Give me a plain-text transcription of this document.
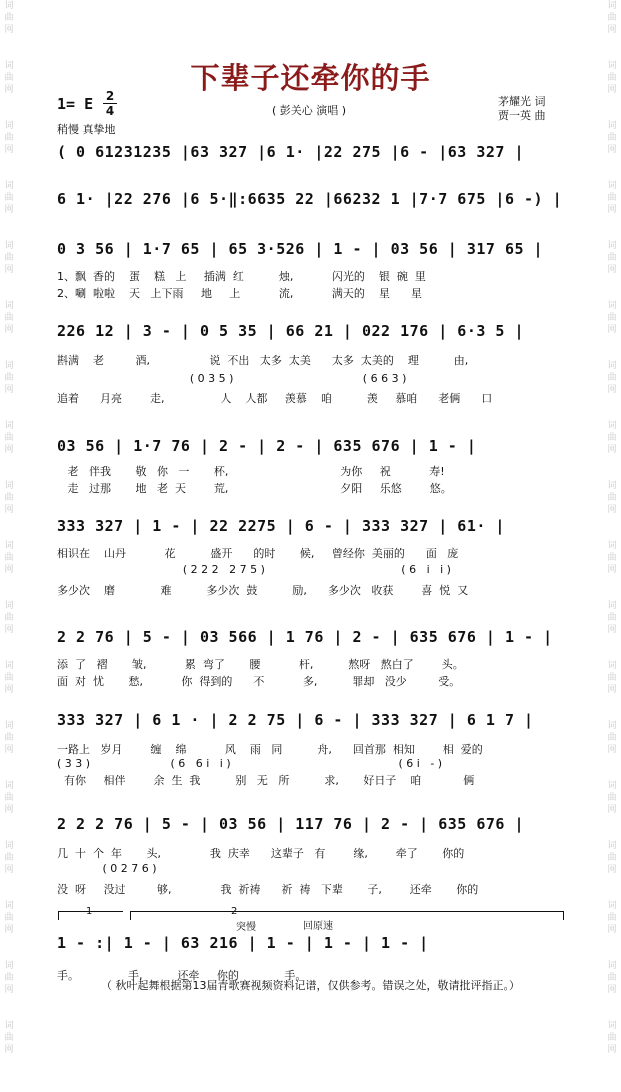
词
曲
网
词
曲
网
词
曲
网
词
曲
网
词
曲
网
词
曲
网
词
曲
网
词
曲
网
词
曲
网
词
曲
网
词
曲
网
词
曲
网
词
曲
网
词
曲
网
词
曲
网
词
曲
网
词
曲
网
词
曲
网
词
曲
网
词
曲
网
词
曲
网
词
曲
网
词
曲
网
词
曲
网
词
曲
网
词
曲
网
词
曲
网
词
曲
网
词
曲
网
词
曲
网
词
曲
网
词
曲
网
词
曲
网
词
曲
网
词
曲
网
词
曲
网
下辈子还牵你的手
1= E 2
4	( 彭关心 演唱 )
茅耀光 词
贾一英 曲
稍慢 真挚地
( 0 61231235 |63 327 |6 1· |22 275 |6 - |63 327 |
6 1· |22 276 |6 5·‖:6635 22 |66232 1 |7·7 675 |6 -) |
0 3 56 | 1·7 65 | 65 3·526 | 1 - | 03 56 | 317 65 |
226 12 | 3 - | 0 5 35 | 66 21 | 022 176 | 6·3 5 |
03 56 | 1·7 76 | 2 - | 2 - | 635 676 | 1 - |
333 327 | 1 - | 22 2275 | 6 - | 333 327 | 61· |
2 2 76 | 5 - | 03 566 | 1 76 | 2 - | 635 676 | 1 - |
333 327 | 6 1 · | 2 2 75 | 6 - | 333 327 | 6 1 7 |
2 2 2 76 | 5 - | 03 56 | 117 76 | 2 - | 635 676 |
1 - :| 1 - | 63 216 | 1 - | 1 - | 1 - |
1、飘  香的    蛋    糕   上     插满  红          烛,           闪光的    银  碗  里
2、唰  啦啦    天   上下雨     地     上           流,           满天的    星      星
斟满    老         酒,                 说  不出   太多  太美      太多  太美的    理          由,
( 0 3 5 )                                     ( 6 6 3 )
追着      月亮        走,                人    人都     羡慕    咱          羡     慕咱      老俩      口
老   伴我       敬   你   一       杯,                                为你     祝           寿!
走   过那       地   老  天        荒,                                夕阳     乐悠        悠。
相识在    山丹           花          盛开      的时       候,     曾经你  美丽的      面   庞
( 2 2 2   2 7 5 )                                       ( 6   i   i )
多少次    磨             难          多少次  鼓          励,      多少次   收获        喜  悦  又
添  了   褶       皱,           累  弯了       腰           杆,          熬呀   熬白了        头。
面  对  忧       愁,           你  得到的      不           多,          罪却   没少         受。
一路上   岁月        缠    绵           风    雨   同          舟,      回首那  相知        相  爱的
( 3 3 )                       ( 6   6 i   i )                                                ( 6 i   - )
有你     相伴        余  生  我          别   无   所          求,       好日子    咱            俩
几  十  个  年       头,              我  庆幸      这辈子   有        缘,        牵了       你的
( 0 2 7 6 )
没  呀     没过         够,              我  祈祷      祈  祷   下辈       子,        还牵       你的
手。              手,          还牵     你的             手。
1	2
突慢	回原速
（ 秋叶起舞根据第13届青歌赛视频资料记谱，仅供参考。错误之处，敬请批评指正。）
